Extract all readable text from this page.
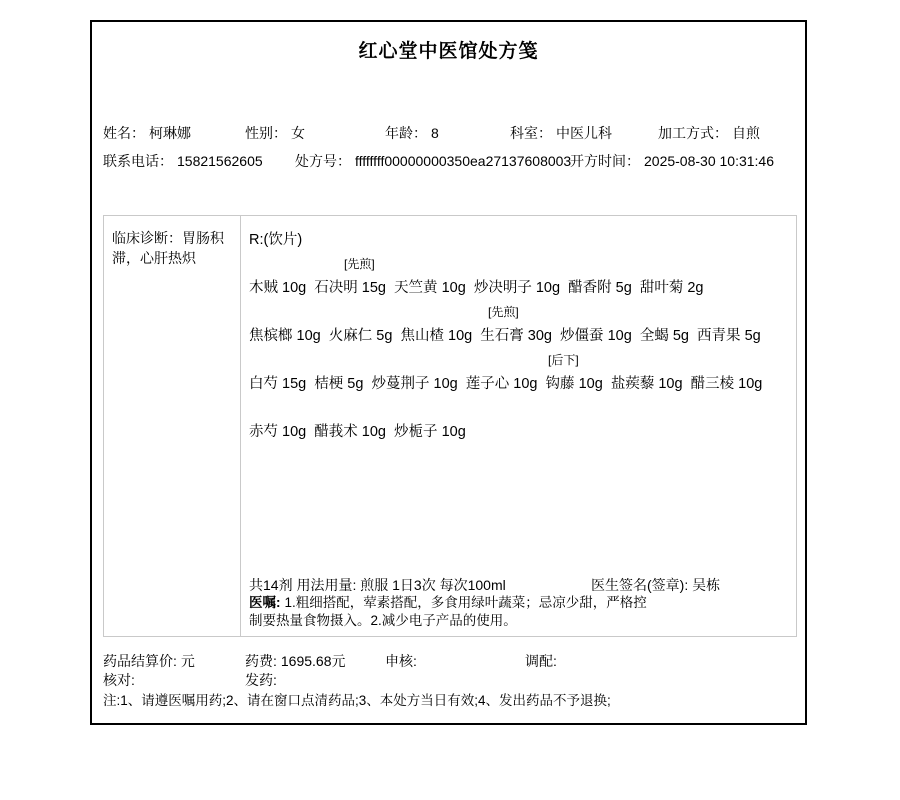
红心堂中医馆处方笺
姓名： 柯琳娜	性别： 女	年龄： 8	科室： 中医儿科	加工方式： 自煎
联系电话： 15821562605 处方号： ffffffff00000000350ea27137608003
开方时间： 2025-08-30 10:31:46
临床诊断：胃肠积滞，心肝热炽
R:(饮片)
[先煎]
木贼 10g  石决明 15g  天竺黄 10g  炒决明子 10g  醋香附 5g  甜叶菊 2g
[先煎]
焦槟榔 10g  火麻仁 5g  焦山楂 10g  生石膏 30g  炒僵蚕 10g  全蝎 5g  西青果 5g
[后下]
白芍 15g  桔梗 5g  炒蔓荆子 10g  莲子心 10g  钩藤 10g  盐蒺藜 10g  醋三棱 10g
赤芍 10g  醋莪术 10g  炒栀子 10g
共14剂 用法用量: 煎服 1日3次 每次100ml	医生签名(签章): 吴栋
医嘱: 1.粗细搭配，荤素搭配，多食用绿叶蔬菜；忌凉少甜，严格控制要热量食物摄入。2.减少电子产品的使用。
药品结算价: 元	药费: 1695.68元	申核:	调配:
核对:	发药:
注:1、请遵医嘱用药;2、请在窗口点清药品;3、本处方当日有效;4、发出药品不予退换;
